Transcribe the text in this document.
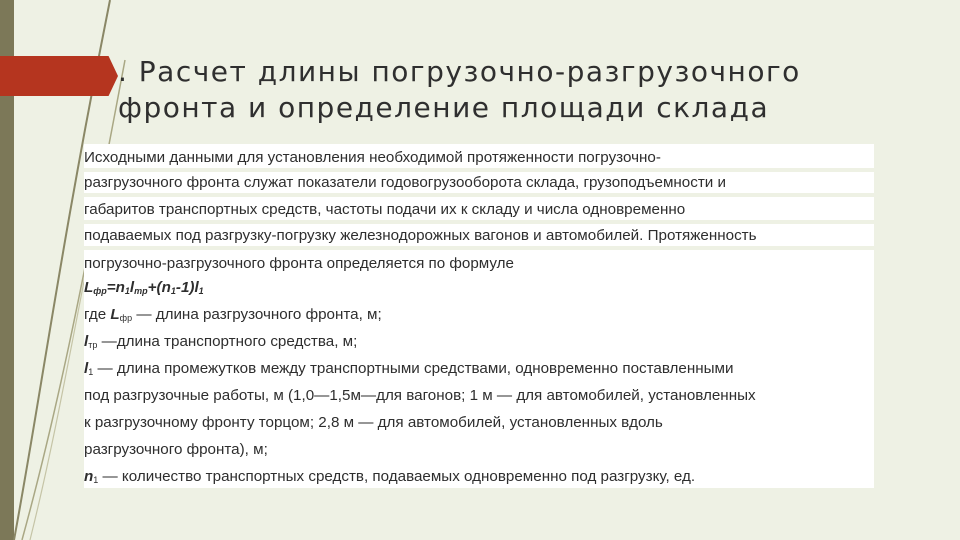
. Расчет длины погрузочно-разгрузочного
фронта и определение площади склада
Исходными данными для установления необходимой протяженности погрузочно-
разгрузочного фронта служат показатели годовогрузооборота склада, грузоподъемности и
габаритов транспортных средств, частоты подачи их к складу и числа одновременно
подаваемых под разгрузку-погрузку железнодорожных вагонов и автомобилей. Протяженность
погрузочно-разгрузочного фронта определяется по формуле
$L_{фр}=n_1l_{тр}+(n_1-1)l_1$
где $L_{фр}$ — длина разгрузочного фронта, м;
$l_{тр}$ —длина транспортного средства, м;
$l_1$ — длина промежутков между транспортными средствами, одновременно поставленными
под разгрузочные работы, м (1,0—1,5м—для вагонов; 1 м — для автомобилей, установленных
к разгрузочному фронту торцом; 2,8 м — для автомобилей, установленных вдоль
разгрузочного фронта), м;
$n_1$ — количество транспортных средств, подаваемых одновременно под разгрузку, ед.
